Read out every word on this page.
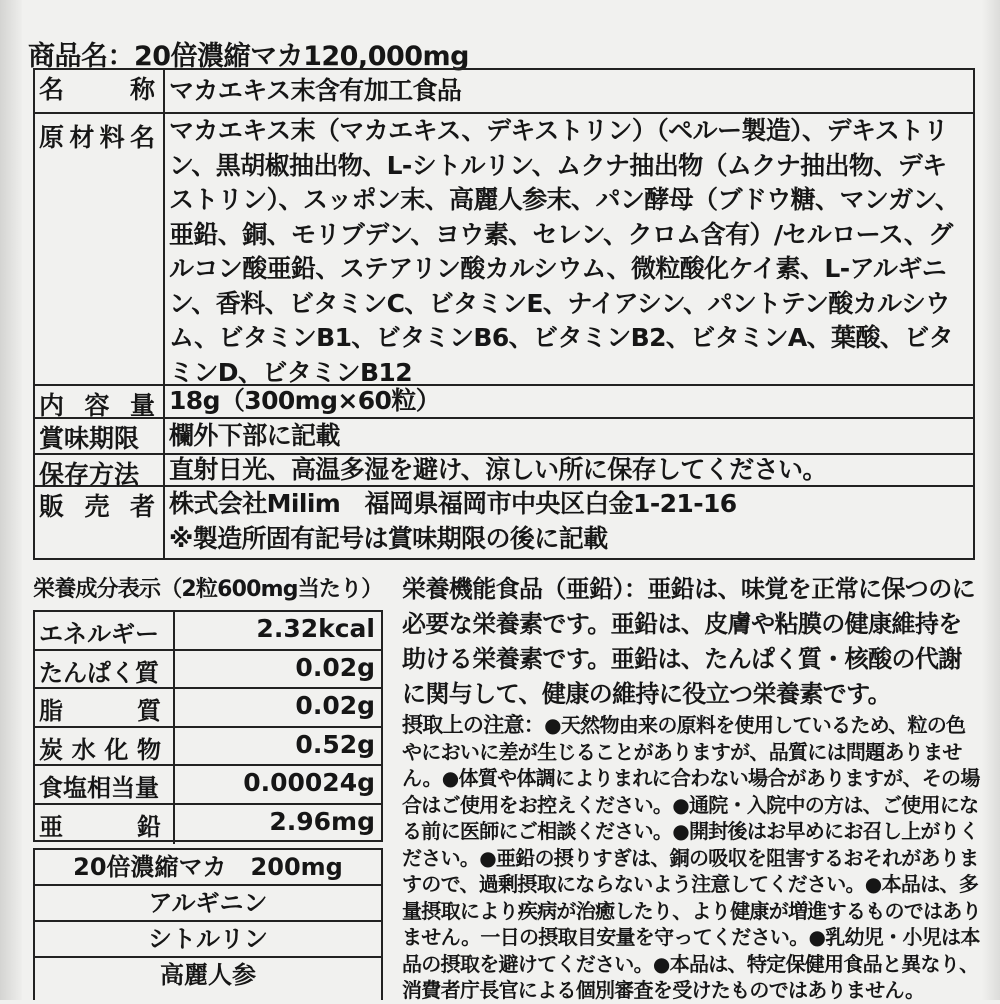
商品名：20倍濃縮マカ120,000mg
名	称 マカエキス末含有加工食品
原 材 料 名 マカエキス末（マカエキス、デキストリン）（ペルー製造）、デキストリン、黒胡椒抽出物、L-シトルリン、ムクナ抽出物（ムクナ抽出物、デキストリン）、スッポン末、高麗人参末、パン酵母（ブドウ糖、マンガン、亜鉛、銅、モリブデン、ヨウ素、セレン、クロム含有）/セルロース、グルコン酸亜鉛、ステアリン酸カルシウム、微粒酸化ケイ素、L-アルギニン、香料、ビタミンC、ビタミンE、ナイアシン、パントテン酸カルシウム、ビタミンB1、ビタミンB6、ビタミンB2、ビタミンA、葉酸、ビタミンD、ビタミンB12
内 容 量 18g（300mg×60粒）
賞味期限	欄外下部に記載
保存方法	直射日光、高温多湿を避け、涼しい所に保存してください。
販 売 者 株式会社Milim　福岡県福岡市中央区白金1-21-16
※製造所固有記号は賞味期限の後に記載
栄養成分表示（2粒600mg当たり）
エネルギー	2.32kcal
たんぱく質	0.02g
脂	質	0.02g
炭 水 化 物	0.52g
食塩相当量	0.00024g
亜	鉛	2.96mg
20倍濃縮マカ　200mg
アルギニン
シトルリン
高麗人参
栄養機能食品（亜鉛）：亜鉛は、味覚を正常に保つのに必要な栄養素です。亜鉛は、皮膚や粘膜の健康維持を助ける栄養素です。亜鉛は、たんぱく質・核酸の代謝に関与して、健康の維持に役立つ栄養素です。
摂取上の注意：●天然物由来の原料を使用しているため、粒の色やにおいに差が生じることがありますが、品質には問題ありません。●体質や体調によりまれに合わない場合がありますが、その場合はご使用をお控えください。●通院・入院中の方は、ご使用になる前に医師にご相談ください。●開封後はお早めにお召し上がりください。●亜鉛の摂りすぎは、銅の吸収を阻害するおそれがありますので、過剰摂取にならないよう注意してください。●本品は、多量摂取により疾病が治癒したり、より健康が増進するものではありません。一日の摂取目安量を守ってください。●乳幼児・小児は本品の摂取を避けてください。●本品は、特定保健用食品と異なり、消費者庁長官による個別審査を受けたものではありません。
